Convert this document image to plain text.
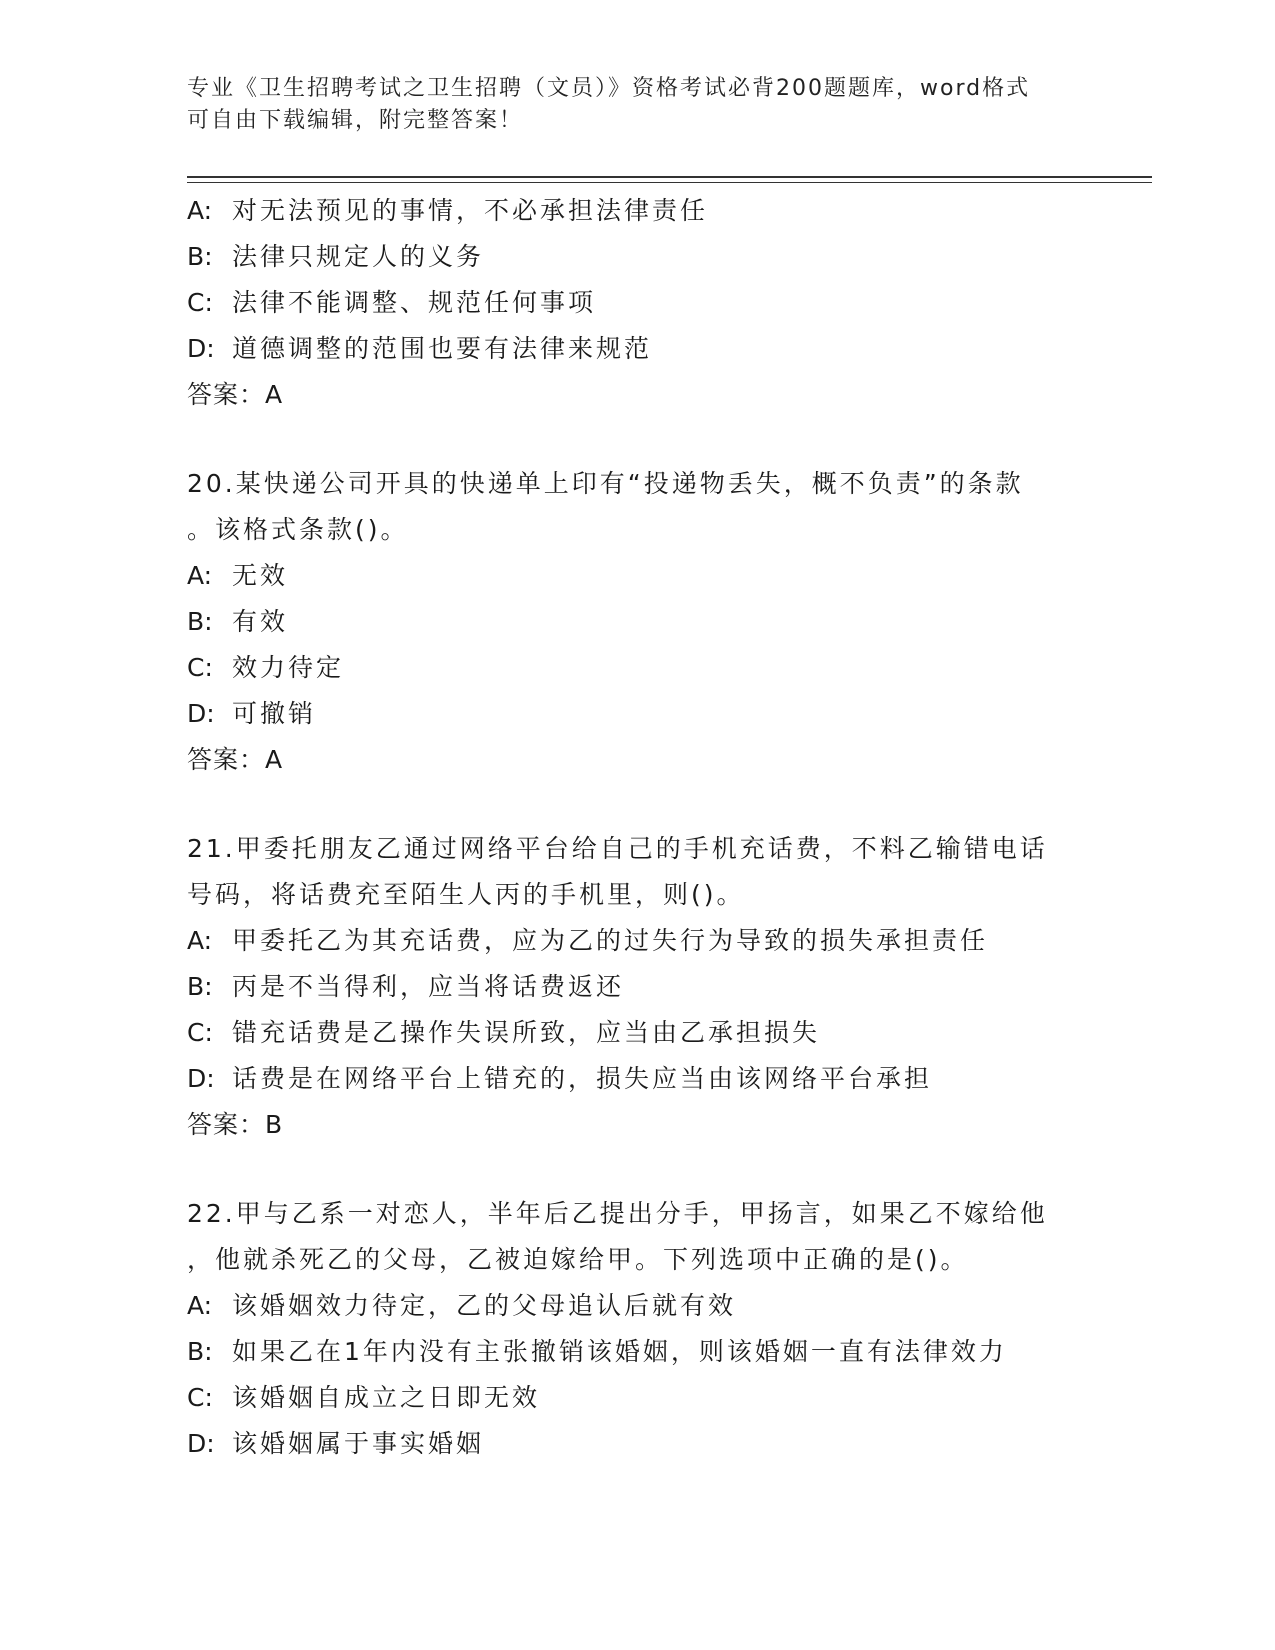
专业《卫生招聘考试之卫生招聘（文员）》资格考试必背200题题库，word格式
可自由下载编辑，附完整答案！
A: 对无法预见的事情，不必承担法律责任
B: 法律只规定人的义务
C: 法律不能调整、规范任何事项
D: 道德调整的范围也要有法律来规范
答案：A
20.某快递公司开具的快递单上印有“投递物丢失，概不负责”的条款
。该格式条款()。
A: 无效
B: 有效
C: 效力待定
D: 可撤销
答案：A
21.甲委托朋友乙通过网络平台给自己的手机充话费，不料乙输错电话
号码，将话费充至陌生人丙的手机里，则()。
A: 甲委托乙为其充话费，应为乙的过失行为导致的损失承担责任
B: 丙是不当得利，应当将话费返还
C: 错充话费是乙操作失误所致，应当由乙承担损失
D: 话费是在网络平台上错充的，损失应当由该网络平台承担
答案：B
22.甲与乙系一对恋人，半年后乙提出分手，甲扬言，如果乙不嫁给他
，他就杀死乙的父母，乙被迫嫁给甲。下列选项中正确的是()。
A: 该婚姻效力待定，乙的父母追认后就有效
B: 如果乙在1年内没有主张撤销该婚姻，则该婚姻一直有法律效力
C: 该婚姻自成立之日即无效
D: 该婚姻属于事实婚姻
